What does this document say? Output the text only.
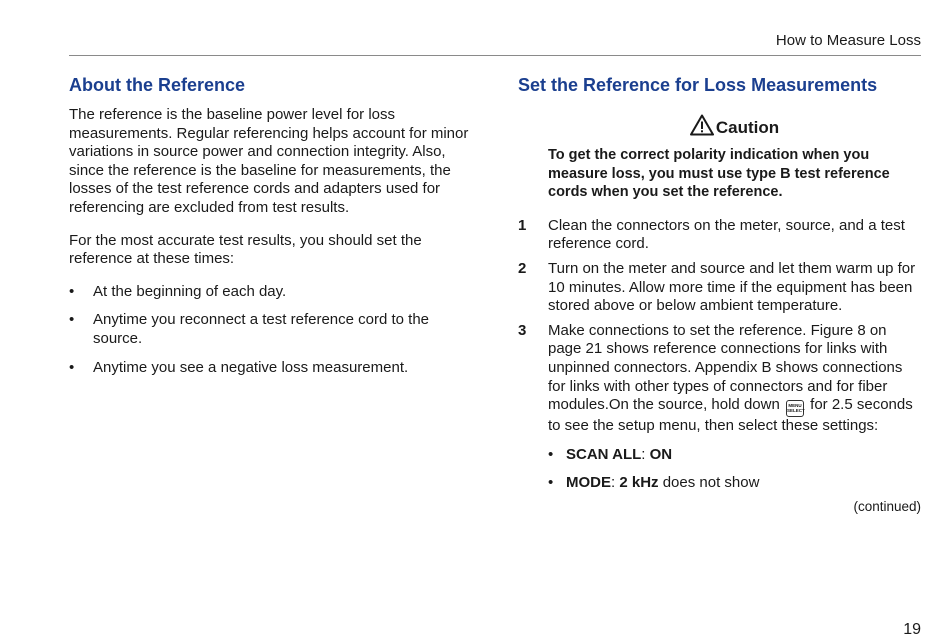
How to Measure Loss
About the Reference

The reference is the baseline power level for loss measurements. Regular referencing helps account for minor variations in source power and connection integrity. Also, since the reference is the baseline for measurements, the losses of the test reference cords and adapters used for referencing are excluded from test results.

For the most accurate test results, you should set the reference at these times:

•	At the beginning of each day.
•	Anytime you reconnect a test reference cord to the source.
•	Anytime you see a negative loss measurement.
Set the Reference for Loss Measurements
Caution

To get the correct polarity indication when you measure loss, you must use type B test reference cords when you set the reference.

1 Clean the connectors on the meter, source, and a test reference cord.
2 Turn on the meter and source and let them warm up for 10 minutes. Allow more time if the equipment has been stored above or below ambient temperature.
3 Make connections to set the reference. Figure 8 on page 21 shows reference connections for links with unpinned connectors. Appendix B shows connections for links with other types of connectors and for fiber modules.On the source, hold down MENU
SELECT for 2.5 seconds to see the setup menu, then select these settings:
• SCAN ALL: ON
• MODE: 2 kHz does not show
(continued)
19
